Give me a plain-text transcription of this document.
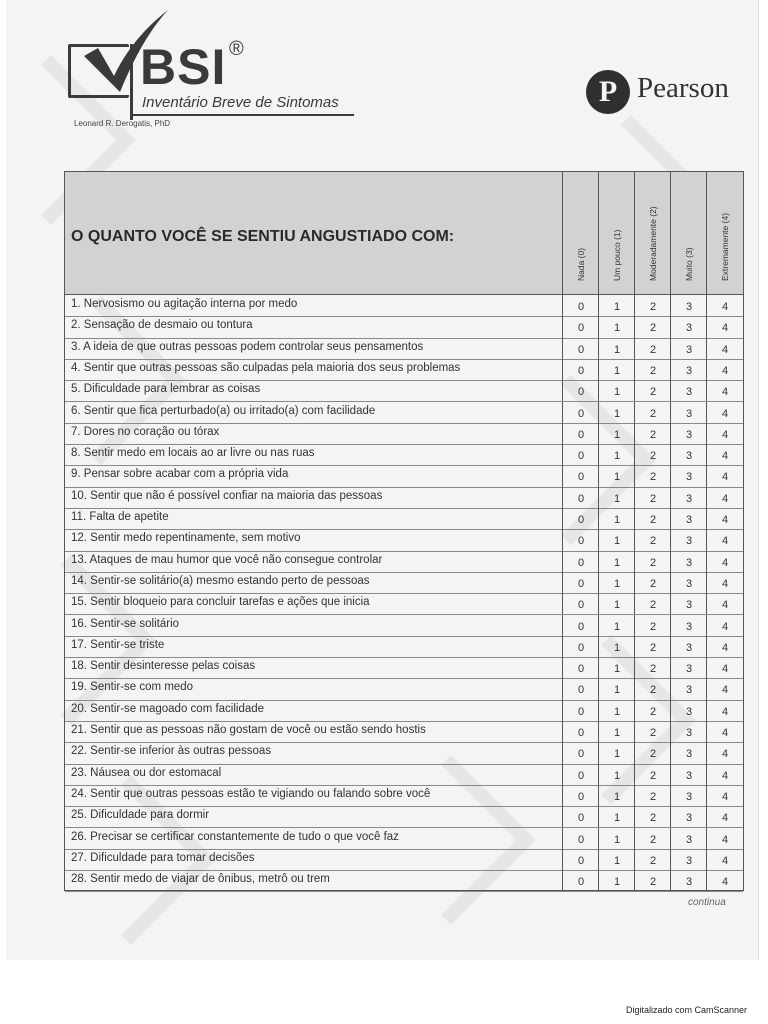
BSI ®
Inventário Breve de Sintomas
Leonard R. Derogatis, PhD
P Pearson
O QUANTO VOCÊ SE SENTIU ANGUSTIADO COM:
Nada (0)	Um pouco (1)	Moderadamente (2)	Muito (3)	Extremamente (4)
1. Nervosismo ou agitação interna por medo	0	1	2	3	4
2. Sensação de desmaio ou tontura	0	1	2	3	4
3. A ideia de que outras pessoas podem controlar seus pensamentos	0	1	2	3	4
4. Sentir que outras pessoas são culpadas pela maioria dos seus problemas	0	1	2	3	4
5. Dificuldade para lembrar as coisas	0	1	2	3	4
6. Sentir que fica perturbado(a) ou irritado(a) com facilidade	0	1	2	3	4
7. Dores no coração ou tórax	0	1	2	3	4
8. Sentir medo em locais ao ar livre ou nas ruas	0	1	2	3	4
9. Pensar sobre acabar com a própria vida	0	1	2	3	4
10. Sentir que não é possível confiar na maioria das pessoas	0	1	2	3	4
11. Falta de apetite	0	1	2	3	4
12. Sentir medo repentinamente, sem motivo	0	1	2	3	4
13. Ataques de mau humor que você não consegue controlar	0	1	2	3	4
14. Sentir-se solitário(a) mesmo estando perto de pessoas	0	1	2	3	4
15. Sentir bloqueio para concluir tarefas e ações que inicia	0	1	2	3	4
16. Sentir-se solitário	0	1	2	3	4
17. Sentir-se triste	0	1	2	3	4
18. Sentir desinteresse pelas coisas	0	1	2	3	4
19. Sentir-se com medo	0	1	2	3	4
20. Sentir-se magoado com facilidade	0	1	2	3	4
21. Sentir que as pessoas não gostam de você ou estão sendo hostis	0	1	2	3	4
22. Sentir-se inferior às outras pessoas	0	1	2	3	4
23. Náusea ou dor estomacal	0	1	2	3	4
24. Sentir que outras pessoas estão te vigiando ou falando sobre você	0	1	2	3	4
25. Dificuldade para dormir	0	1	2	3	4
26. Precisar se certificar constantemente de tudo o que você faz	0	1	2	3	4
27. Dificuldade para tomar decisões	0	1	2	3	4
28. Sentir medo de viajar de ônibus, metrô ou trem	0	1	2	3	4
continua
Digitalizado com CamScanner
